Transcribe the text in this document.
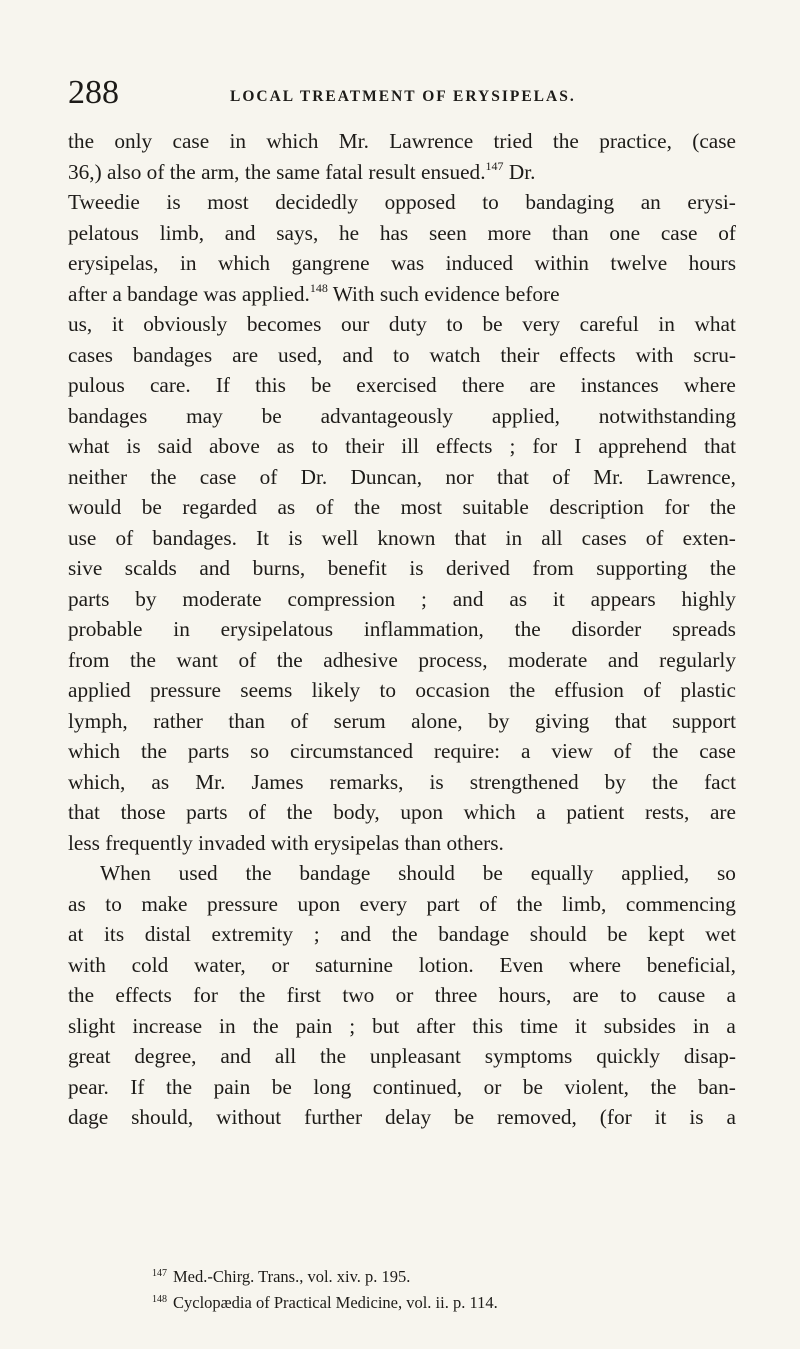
288	LOCAL TREATMENT OF ERYSIPELAS.
the only case in which Mr. Lawrence tried the practice, (case
36,) also of the arm, the same fatal result ensued.$^{147}$ Dr.
Tweedie is most decidedly opposed to bandaging an erysi-
pelatous limb, and says, he has seen more than one case of
erysipelas, in which gangrene was induced within twelve hours
after a bandage was applied.$^{148}$ With such evidence before
us, it obviously becomes our duty to be very careful in what
cases bandages are used, and to watch their effects with scru-
pulous care. If this be exercised there are instances where
bandages may be advantageously applied, notwithstanding
what is said above as to their ill effects ; for I apprehend that
neither the case of Dr. Duncan, nor that of Mr. Lawrence,
would be regarded as of the most suitable description for the
use of bandages. It is well known that in all cases of exten-
sive scalds and burns, benefit is derived from supporting the
parts by moderate compression ; and as it appears highly
probable in erysipelatous inflammation, the disorder spreads
from the want of the adhesive process, moderate and regularly
applied pressure seems likely to occasion the effusion of plastic
lymph, rather than of serum alone, by giving that support
which the parts so circumstanced require: a view of the case
which, as Mr. James remarks, is strengthened by the fact
that those parts of the body, upon which a patient rests, are
less frequently invaded with erysipelas than others.
When used the bandage should be equally applied, so
as to make pressure upon every part of the limb, commencing
at its distal extremity ; and the bandage should be kept wet
with cold water, or saturnine lotion. Even where beneficial,
the effects for the first two or three hours, are to cause a
slight increase in the pain ; but after this time it subsides in a
great degree, and all the unpleasant symptoms quickly disap-
pear. If the pain be long continued, or be violent, the ban-
dage should, without further delay be removed, (for it is a
$^{147}$ Med.-Chirg. Trans., vol. xiv. p. 195.
$^{148}$ Cyclopædia of Practical Medicine, vol. ii. p. 114.
